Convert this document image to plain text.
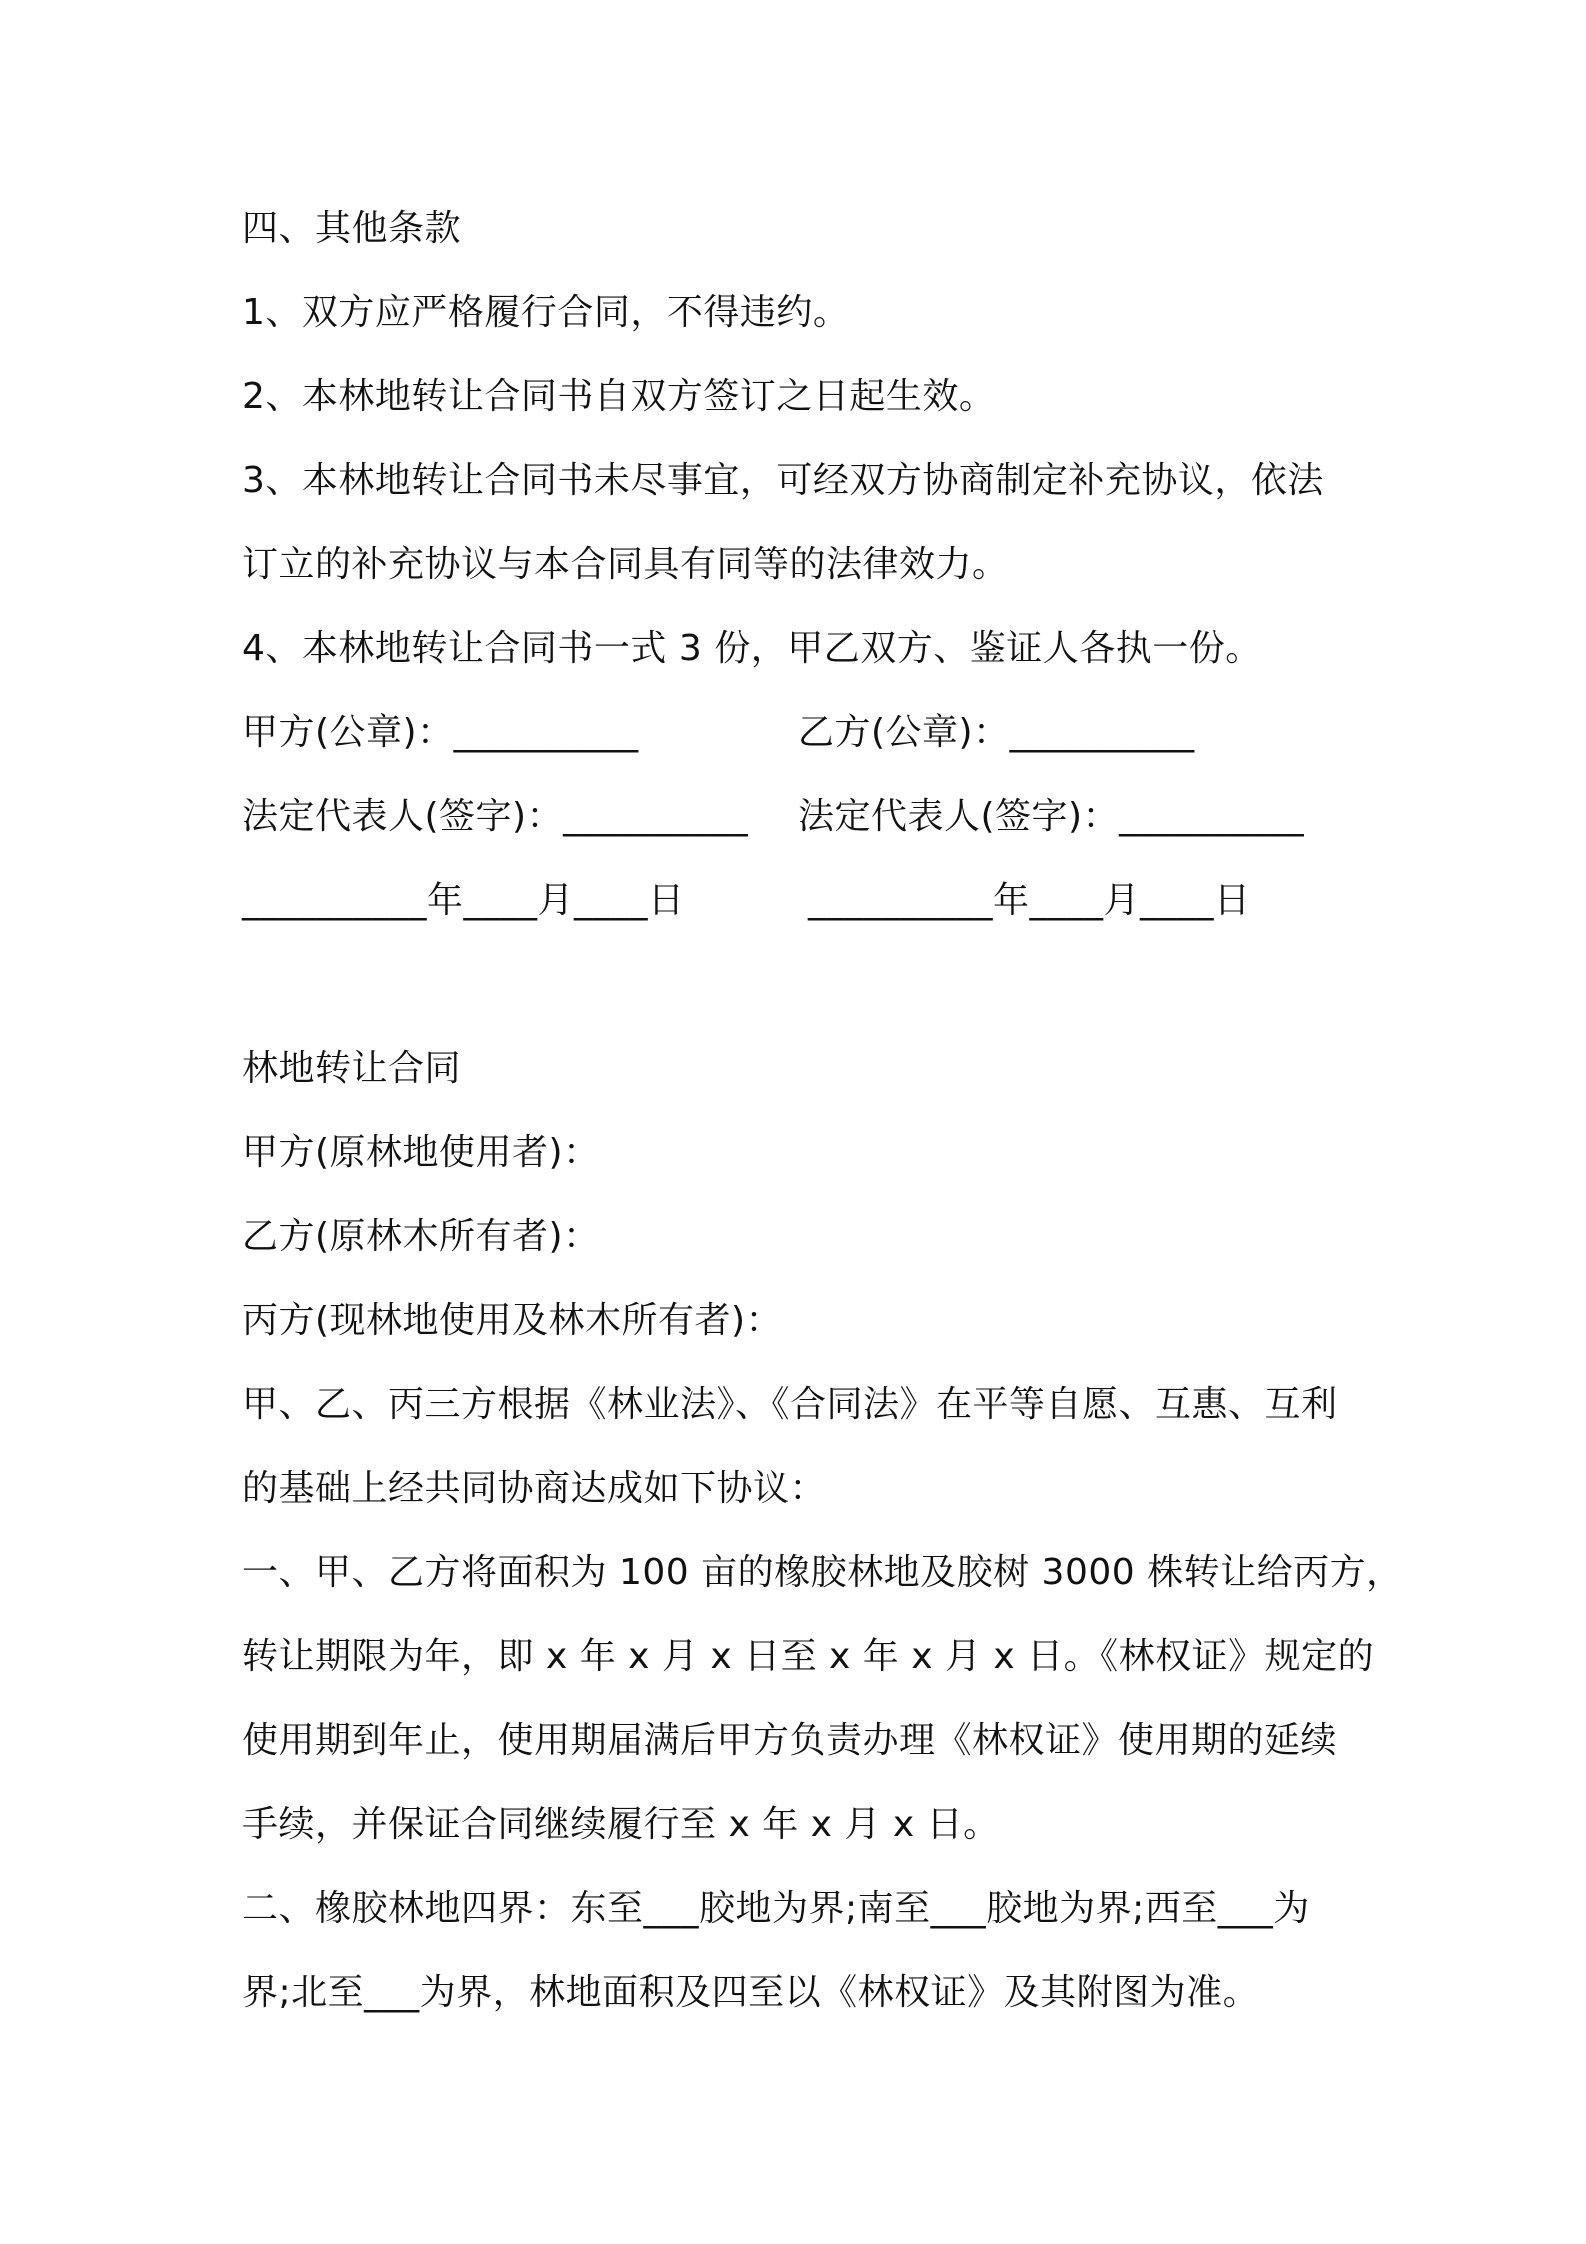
四、其他条款
1、双方应严格履行合同，不得违约。
2、本林地转让合同书自双方签订之日起生效。
3、本林地转让合同书未尽事宜，可经双方协商制定补充协议，依法
订立的补充协议与本合同具有同等的法律效力。
4、本林地转让合同书一式 3 份，甲乙双方、鉴证人各执一份。
甲方(公章)：__________	乙方(公章)：__________
法定代表人(签字)：__________	法定代表人(签字)：__________
__________年____月____日	__________年____月____日
林地转让合同
甲方(原林地使用者)：
乙方(原林木所有者)：
丙方(现林地使用及林木所有者)：
甲、乙、丙三方根据《林业法》、《合同法》在平等自愿、互惠、互利
的基础上经共同协商达成如下协议：
一、甲、乙方将面积为 100 亩的橡胶林地及胶树 3000 株转让给丙方，
转让期限为年，即 x 年 x 月 x 日至 x 年 x 月 x 日。《林权证》规定的
使用期到年止，使用期届满后甲方负责办理《林权证》使用期的延续
手续，并保证合同继续履行至 x 年 x 月 x 日。
二、橡胶林地四界：东至___胶地为界;南至___胶地为界;西至___为
界;北至___为界，林地面积及四至以《林权证》及其附图为准。
